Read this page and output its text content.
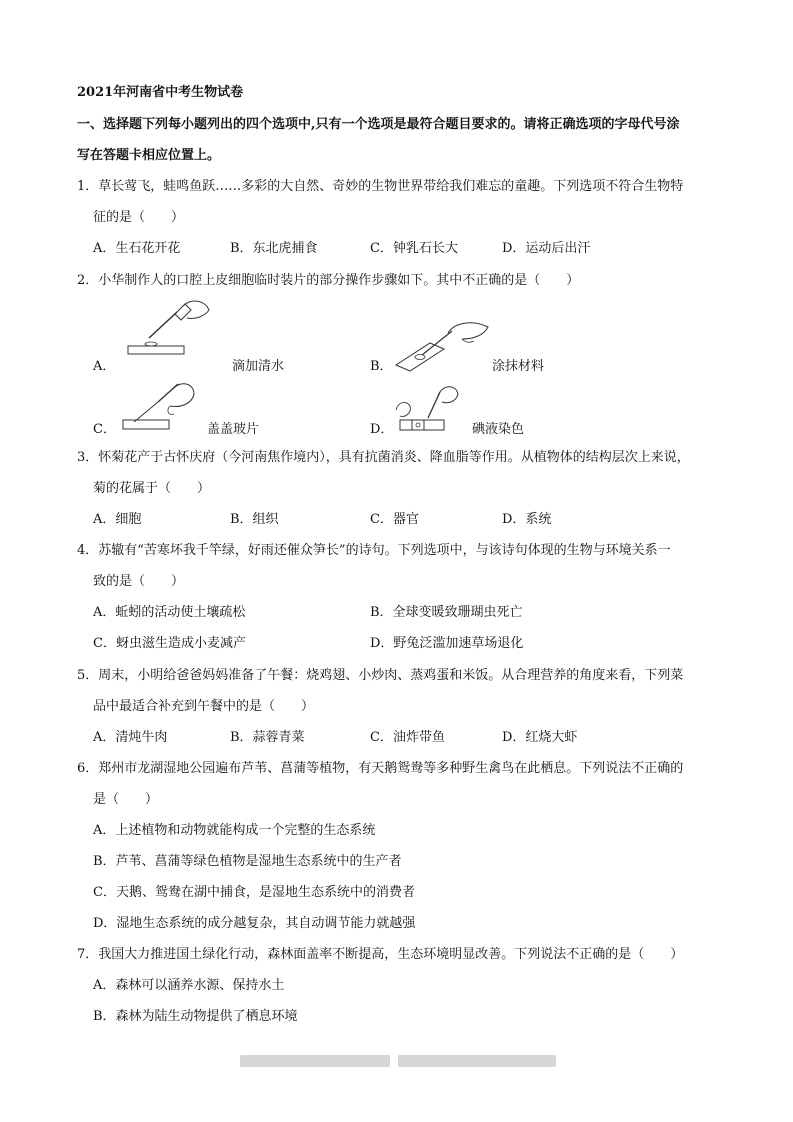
2021年河南省中考生物试卷
一、选择题下列每小题列出的四个选项中,只有一个选项是最符合题目要求的。请将正确选项的字母代号涂
写在答题卡相应位置上。
1．草长莺飞，蛙鸣鱼跃……多彩的大自然、奇妙的生物世界带给我们难忘的童趣。下列选项不符合生物特
征的是（　　）
A．生石花开花	B．东北虎捕食	C．钟乳石长大	D．运动后出汗
2．小华制作人的口腔上皮细胞临时装片的部分操作步骤如下。其中不正确的是（　　）
A．	滴加清水	B．	涂抹材料
C．	盖盖玻片	D．	碘液染色
3．怀菊花产于古怀庆府（今河南焦作境内），具有抗菌消炎、降血脂等作用。从植物体的结构层次上来说，
菊的花属于（　　）
A．细胞	B．组织	C．器官	D．系统
4．苏辙有“苦寒坏我千竿绿，好雨还催众笋长”的诗句。下列选项中，与该诗句体现的生物与环境关系一
致的是（　　）
A．蚯蚓的活动使土壤疏松	B．全球变暖致珊瑚虫死亡
C．蚜虫滋生造成小麦减产	D．野兔泛滥加速草场退化
5．周末，小明给爸爸妈妈准备了午餐：烧鸡翅、小炒肉、蒸鸡蛋和米饭。从合理营养的角度来看，下列菜
品中最适合补充到午餐中的是（　　）
A．清炖牛肉	B．蒜蓉青菜	C．油炸带鱼	D．红烧大虾
6．郑州市龙湖湿地公园遍布芦苇、菖蒲等植物，有天鹅鸳鸯等多种野生禽鸟在此栖息。下列说法不正确的
是（　　）
A．上述植物和动物就能构成一个完整的生态系统
B．芦苇、菖蒲等绿色植物是湿地生态系统中的生产者
C．天鹅、鸳鸯在湖中捕食，是湿地生态系统中的消费者
D．湿地生态系统的成分越复杂，其自动调节能力就越强
7．我国大力推进国土绿化行动，森林面盖率不断提高，生态环境明显改善。下列说法不正确的是（　　）
A．森林可以涵养水源、保持水土
B．森林为陆生动物提供了栖息环境
